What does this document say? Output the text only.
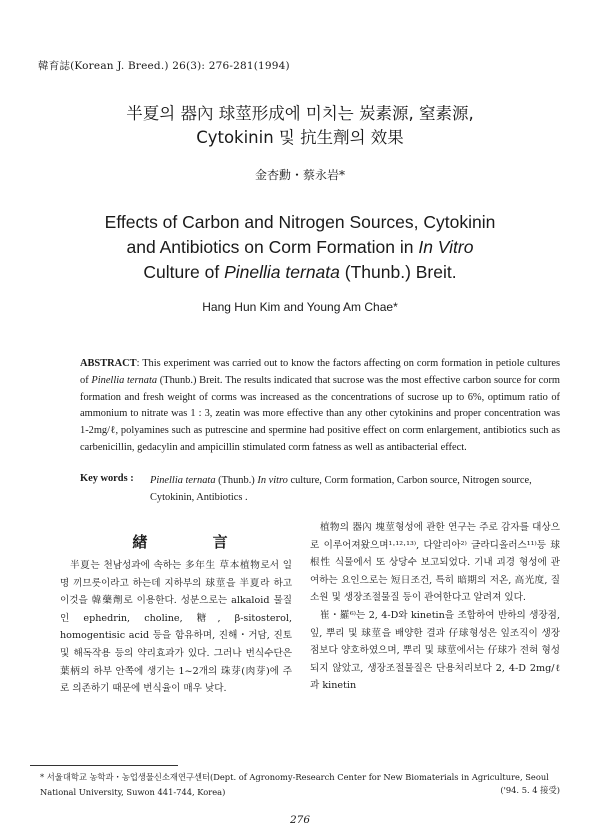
韓育誌(Korean J. Breed.) 26(3): 276-281(1994)
半夏의 器內 球莖形成에 미치는 炭素源, 窒素源,
Cytokinin 및 抗生劑의 效果
金杏勳・蔡永岩*
Effects of Carbon and Nitrogen Sources, Cytokinin
and Antibiotics on Corm Formation in In Vitro
Culture of Pinellia ternata (Thunb.) Breit.
Hang Hun Kim and Young Am Chae*
ABSTRACT: This experiment was carried out to know the factors affecting on corm formation in petiole cultures of Pinellia ternata (Thunb.) Breit. The results indicated that sucrose was the most effective carbon source for corm formation and fresh weight of corms was increased as the concentrations of sucrose up to 6%, optimum ratio of ammonium to nitrate was 1 : 3, zeatin was more effective than any other cytokinins and proper concentration was 1-2mg/ℓ, polyamines such as putrescine and spermine had positive effect on corm enlargement, antibiotics such as carbenicillin, gedacylin and ampicillin stimulated corm fatness as well as antibacterial effect.
Key words : Pinellia ternata (Thunb.) In vitro culture, Corm formation, Carbon source, Nitrogen source, Cytokinin, Antibiotics .
緖 言

半夏는 천남성과에 속하는 多年生 草本植物로서 일명 끼므릇이라고 하는데 지하부의 球莖을 半夏라 하고 이것을 韓藥劑로 이용한다. 성분으로는 alkaloid 물질인 ephedrin, choline, 糖, β-sitosterol, homogentisic acid 등을 함유하며, 진해・거담, 진토 및 해독작용 등의 약리효과가 있다. 그러나 번식수단은 葉柄의 하부 안쪽에 생기는 1~2개의 珠芽(肉芽)에 주로 의존하기 때문에 번식율이 매우 낮다.

植物의 器內 塊莖형성에 관한 연구는 주로 감자를 대상으로 이루어져왔으며¹·¹²·¹³⁾, 다알리아²⁾ 글라디올러스¹¹⁾등 球根性 식물에서 또 상당수 보고되었다. 기내 괴경 형성에 관여하는 요인으로는 短日조건, 특히 暗期의 저온, 高光度, 질소원 및 생장조절물질 등이 관여한다고 알려져 있다.

崔・羅⁶⁾는 2, 4-D와 kinetin을 조합하여 반하의 생장점, 잎, 뿌리 및 球莖을 배양한 결과 仔球형성은 잎조직이 생장점보다 양호하였으며, 뿌리 및 球莖에서는 仔球가 전혀 형성되지 않았고, 생장조절물질은 단용처리보다 2, 4-D 2mg/ℓ과 kinetin

* 서울대학교 농학과・농업생물신소재연구센터(Dept. of Agronomy-Research Center for New Biomaterials in Agriculture, Seoul National University, Suwon 441-744, Korea)	('94. 5. 4 接受)
276
